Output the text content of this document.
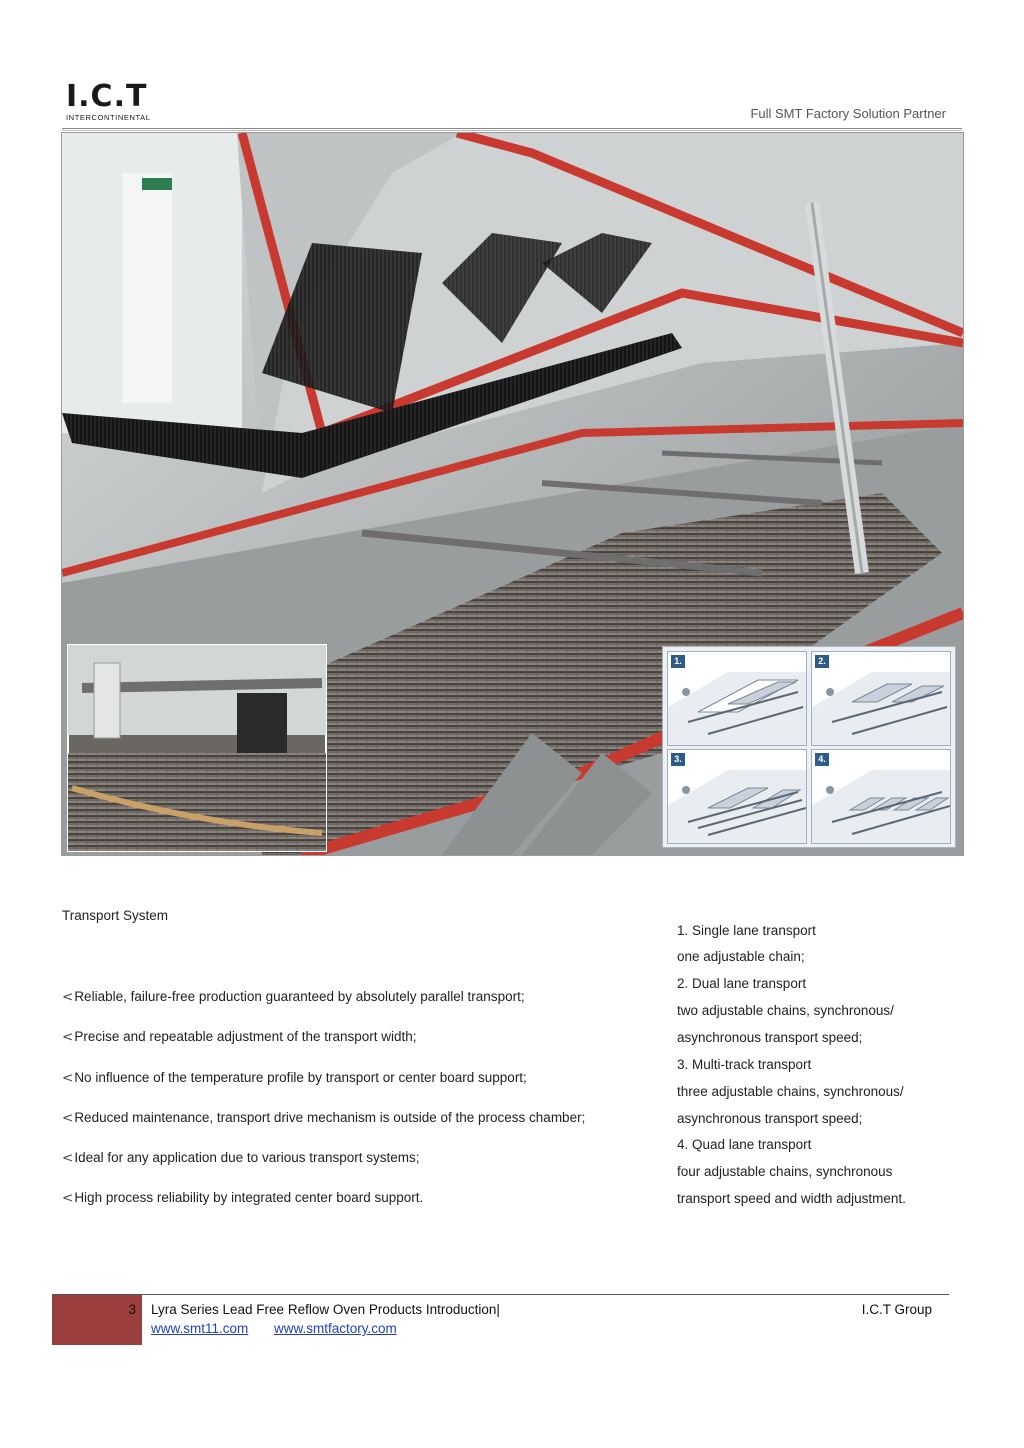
I.C.T
INTERCONTINENTAL	Full SMT Factory Solution Partner
1.	2.
3.	4.
Transport System
<Reliable, failure-free production guaranteed by absolutely parallel transport;
<Precise and repeatable adjustment of the transport width;
<No influence of the temperature profile by transport or center board support;
<Reduced maintenance, transport drive mechanism is outside of the process chamber;
<Ideal for any application due to various transport systems;
<High process reliability by integrated center board support.
1. Single lane transport
one adjustable chain;
2. Dual lane transport
two adjustable chains, synchronous/
asynchronous transport speed;
3. Multi-track transport
three adjustable chains, synchronous/
asynchronous transport speed;
4. Quad lane transport
four adjustable chains, synchronous
transport speed and width adjustment.
3 Lyra Series Lead Free Reflow Oven Products Introduction|	I.C.T Group
www.smt11.com www.smtfactory.com
